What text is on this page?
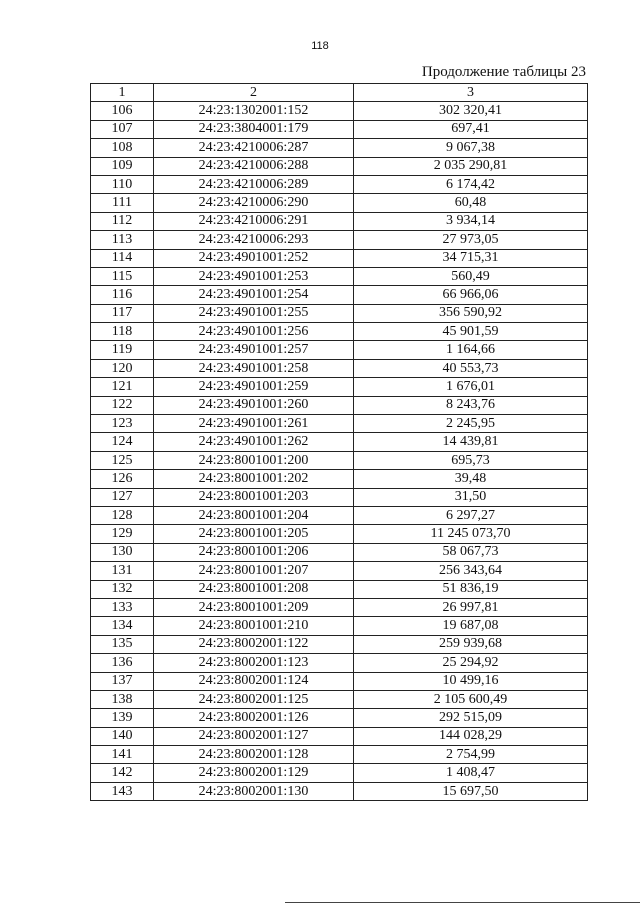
118
Продолжение таблицы 23
1	2	3
106	24:23:1302001:152	302 320,41
107	24:23:3804001:179	697,41
108	24:23:4210006:287	9 067,38
109	24:23:4210006:288	2 035 290,81
110	24:23:4210006:289	6 174,42
111	24:23:4210006:290	60,48
112	24:23:4210006:291	3 934,14
113	24:23:4210006:293	27 973,05
114	24:23:4901001:252	34 715,31
115	24:23:4901001:253	560,49
116	24:23:4901001:254	66 966,06
117	24:23:4901001:255	356 590,92
118	24:23:4901001:256	45 901,59
119	24:23:4901001:257	1 164,66
120	24:23:4901001:258	40 553,73
121	24:23:4901001:259	1 676,01
122	24:23:4901001:260	8 243,76
123	24:23:4901001:261	2 245,95
124	24:23:4901001:262	14 439,81
125	24:23:8001001:200	695,73
126	24:23:8001001:202	39,48
127	24:23:8001001:203	31,50
128	24:23:8001001:204	6 297,27
129	24:23:8001001:205	11 245 073,70
130	24:23:8001001:206	58 067,73
131	24:23:8001001:207	256 343,64
132	24:23:8001001:208	51 836,19
133	24:23:8001001:209	26 997,81
134	24:23:8001001:210	19 687,08
135	24:23:8002001:122	259 939,68
136	24:23:8002001:123	25 294,92
137	24:23:8002001:124	10 499,16
138	24:23:8002001:125	2 105 600,49
139	24:23:8002001:126	292 515,09
140	24:23:8002001:127	144 028,29
141	24:23:8002001:128	2 754,99
142	24:23:8002001:129	1 408,47
143	24:23:8002001:130	15 697,50
